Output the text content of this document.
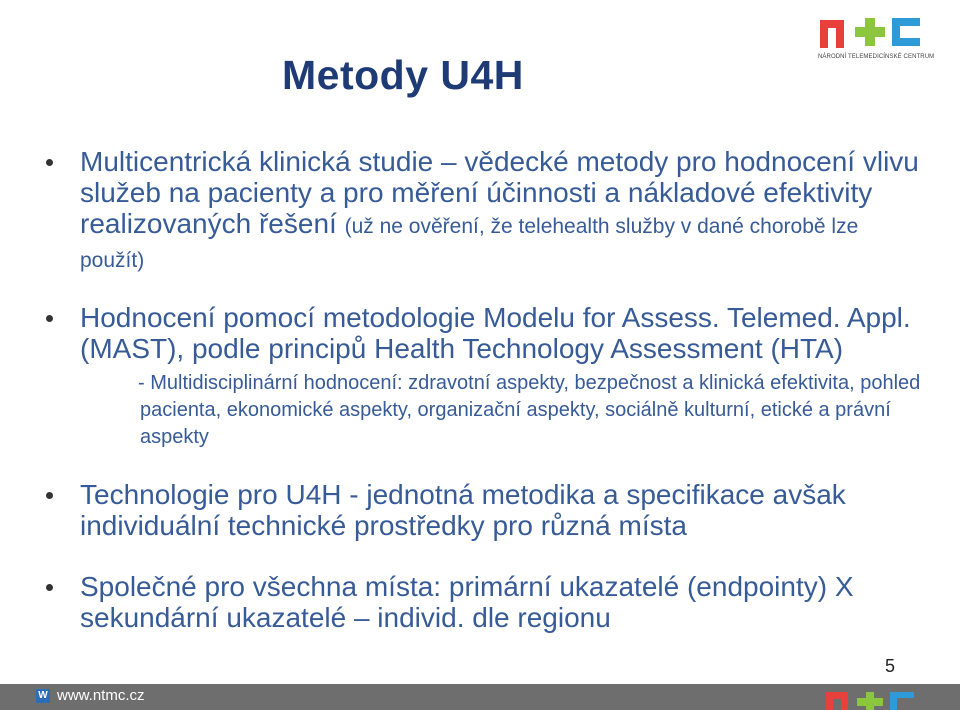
Metody U4H	NÁRODNÍ TELEMEDICÍNSKÉ CENTRUM
Multicentrická klinická studie – vědecké metody pro hodnocení vlivu služeb na pacienty a pro měření účinnosti a nákladové efektivity realizovaných řešení (už ne ověření, že telehealth služby v dané chorobě lze použít)
Hodnocení pomocí metodologie Modelu for Assess. Telemed. Appl. (MAST), podle principů Health Technology Assessment (HTA)
- Multidisciplinární hodnocení: zdravotní aspekty, bezpečnost a klinická efektivita, pohled pacienta, ekonomické aspekty, organizační aspekty, sociálně kulturní, etické a právní aspekty
Technologie pro U4H - jednotná metodika a specifikace avšak individuální technické prostředky pro různá místa
Společné pro všechna místa: primární ukazatelé (endpointy) X sekundární ukazatelé – individ. dle regionu
5
W www.ntmc.cz
